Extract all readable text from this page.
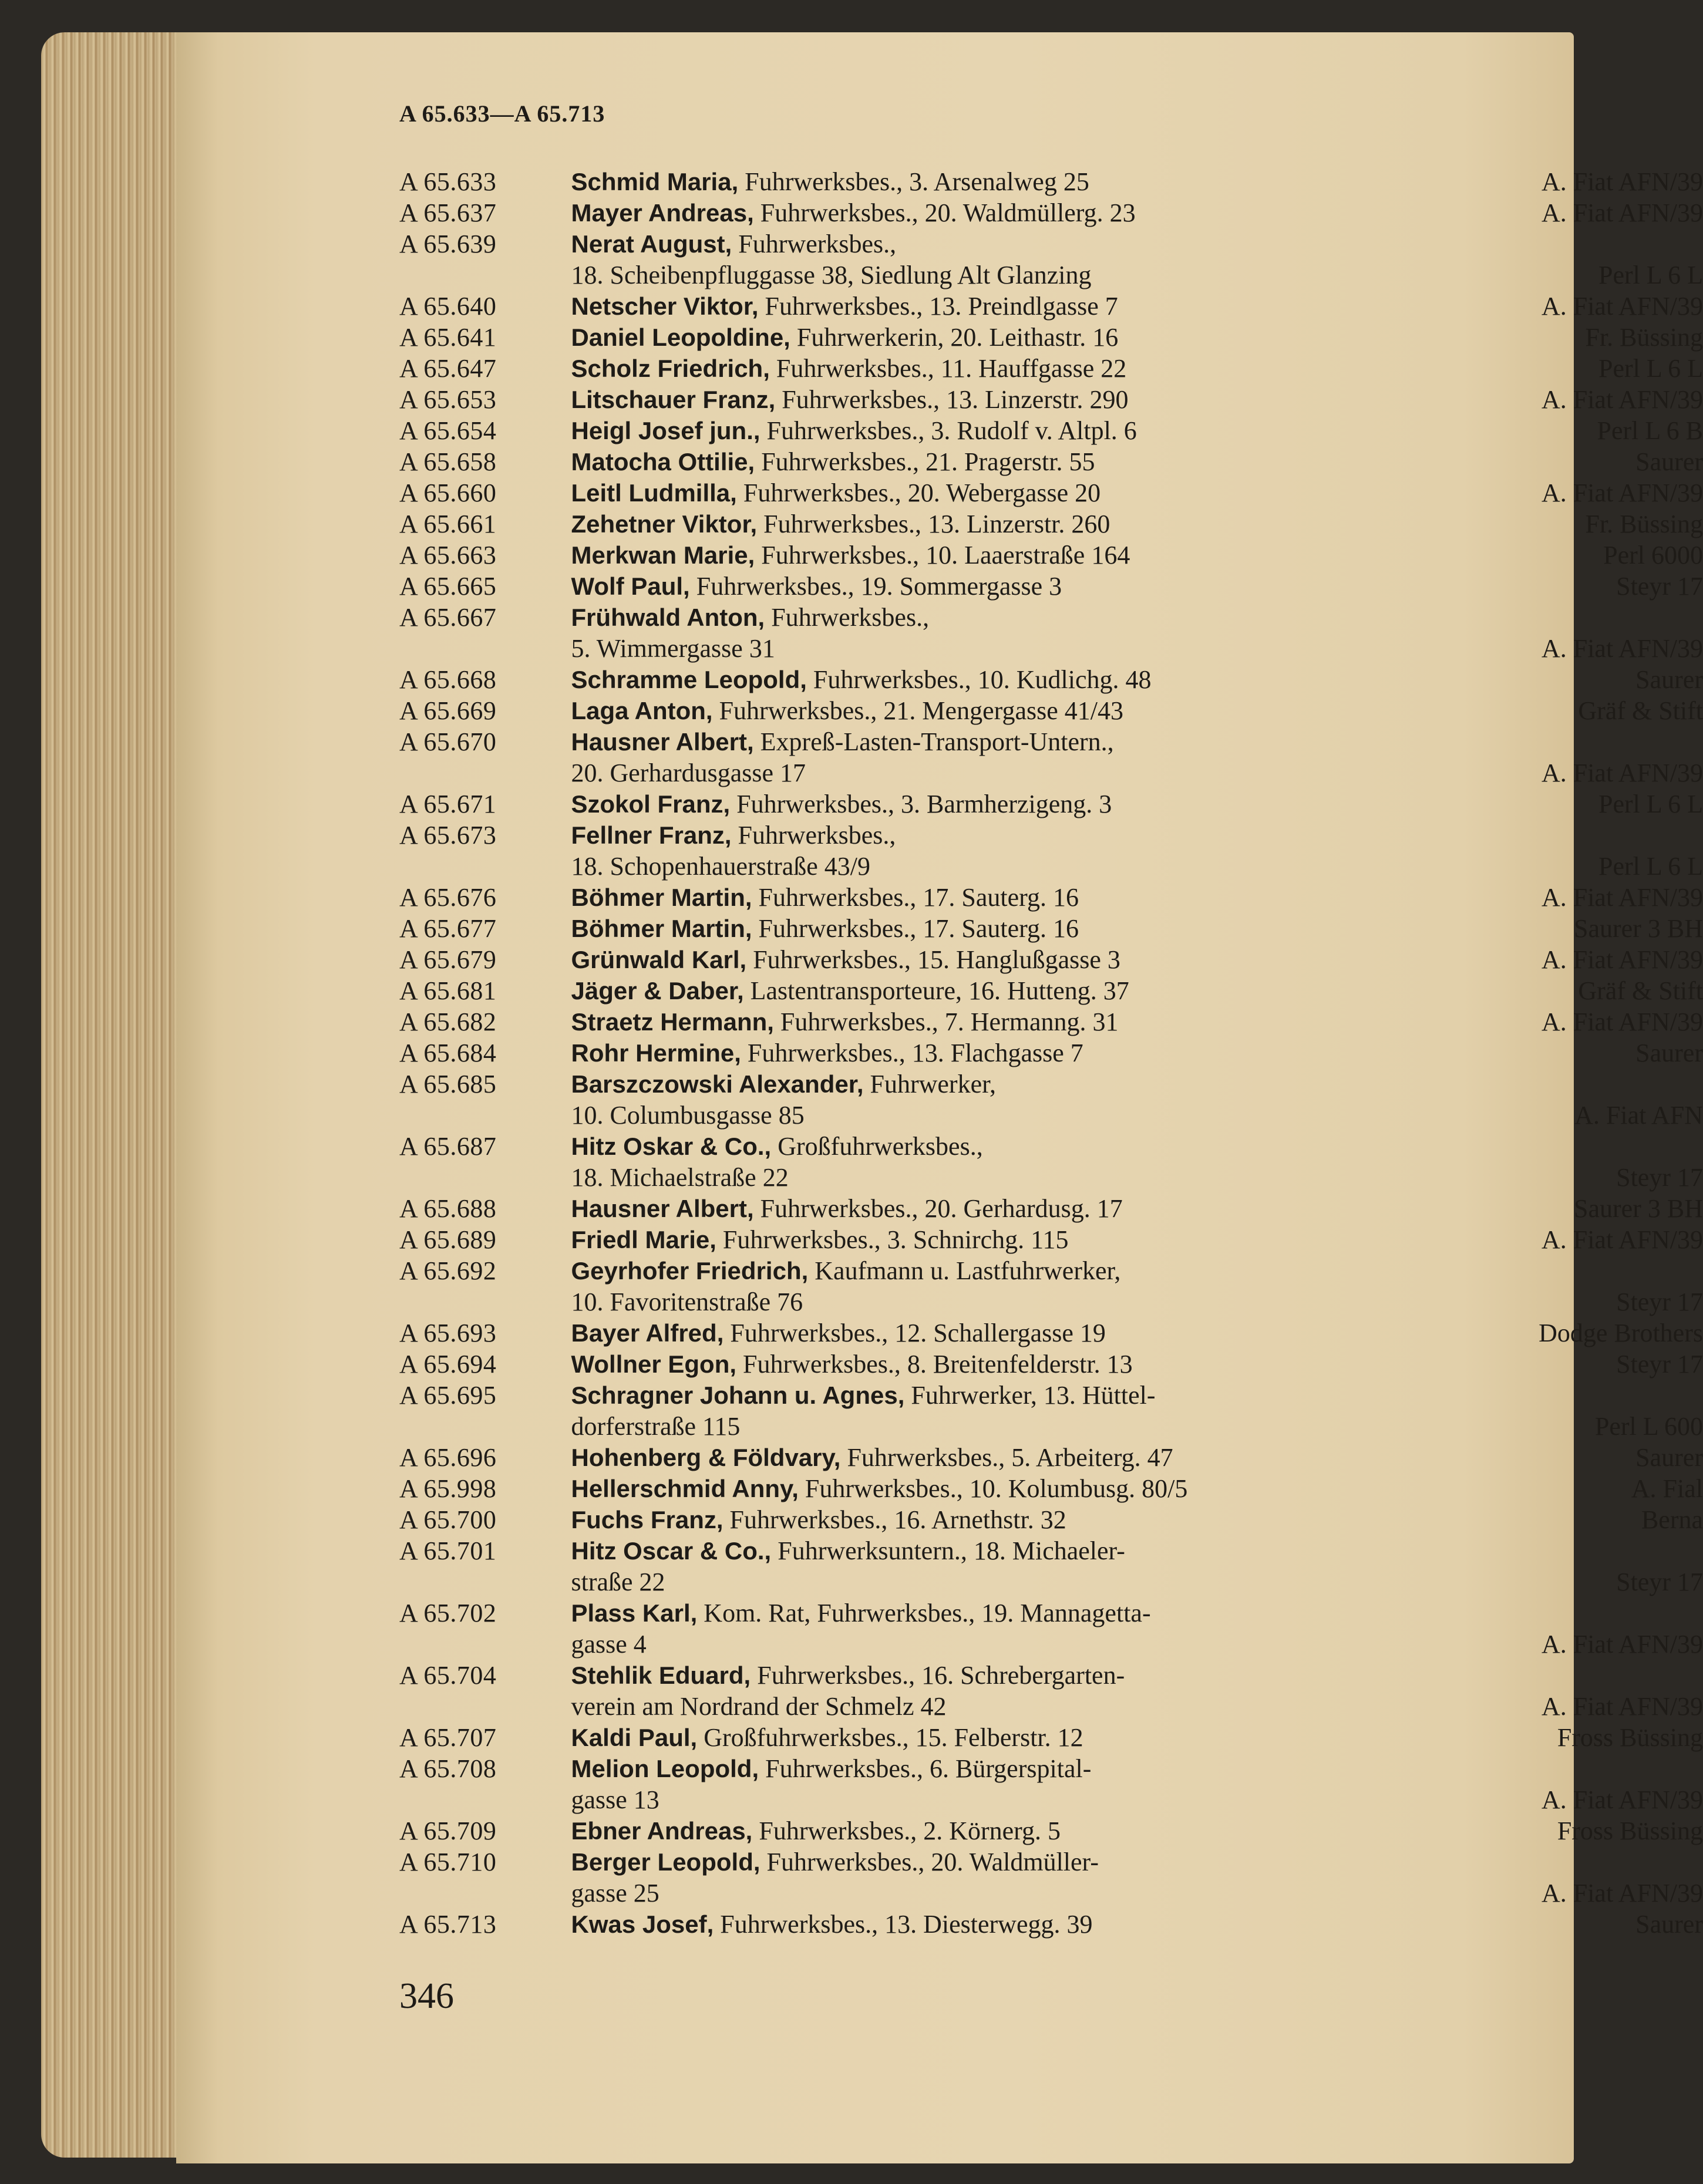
A 65.633—A 65.713

A 65.633	Schmid Maria, Fuhrwerksbes., 3. Arsenalweg 25	A. Fiat AFN/39
A 65.637	Mayer Andreas, Fuhrwerksbes., 20. Waldmüllerg. 23	A. Fiat AFN/39
A 65.639	Nerat August, Fuhrwerksbes.,	
	18. Scheibenpfluggasse 38, Siedlung Alt Glanzing	Perl L 6 L
A 65.640	Netscher Viktor, Fuhrwerksbes., 13. Preindlgasse 7	A. Fiat AFN/39
A 65.641	Daniel Leopoldine, Fuhrwerkerin, 20. Leithastr. 16	Fr. Büssing
A 65.647	Scholz Friedrich, Fuhrwerksbes., 11. Hauffgasse 22	Perl L 6 L
A 65.653	Litschauer Franz, Fuhrwerksbes., 13. Linzerstr. 290	A. Fiat AFN/39
A 65.654	Heigl Josef jun., Fuhrwerksbes., 3. Rudolf v. Altpl. 6	Perl L 6 B
A 65.658	Matocha Ottilie, Fuhrwerksbes., 21. Pragerstr. 55	Saurer
A 65.660	Leitl Ludmilla, Fuhrwerksbes., 20. Webergasse 20	A. Fiat AFN/39
A 65.661	Zehetner Viktor, Fuhrwerksbes., 13. Linzerstr. 260	Fr. Büssing
A 65.663	Merkwan Marie, Fuhrwerksbes., 10. Laaerstraße 164	Perl 6000
A 65.665	Wolf Paul, Fuhrwerksbes., 19. Sommergasse 3	Steyr 17
A 65.667	Frühwald Anton, Fuhrwerksbes.,	
	5. Wimmergasse 31	A. Fiat AFN/39
A 65.668	Schramme Leopold, Fuhrwerksbes., 10. Kudlichg. 48	Saurer
A 65.669	Laga Anton, Fuhrwerksbes., 21. Mengergasse 41/43	Gräf & Stift
A 65.670	Hausner Albert, Expreß-Lasten-Transport-Untern.,	
	20. Gerhardusgasse 17	A. Fiat AFN/39
A 65.671	Szokol Franz, Fuhrwerksbes., 3. Barmherzigeng. 3	Perl L 6 L
A 65.673	Fellner Franz, Fuhrwerksbes.,	
	18. Schopenhauerstraße 43/9	Perl L 6 L
A 65.676	Böhmer Martin, Fuhrwerksbes., 17. Sauterg. 16	A. Fiat AFN/39
A 65.677	Böhmer Martin, Fuhrwerksbes., 17. Sauterg. 16	Saurer 3 BH
A 65.679	Grünwald Karl, Fuhrwerksbes., 15. Hanglußgasse 3	A. Fiat AFN/39
A 65.681	Jäger & Daber, Lastentransporteure, 16. Hutteng. 37	Gräf & Stift
A 65.682	Straetz Hermann, Fuhrwerksbes., 7. Hermanng. 31	A. Fiat AFN/39
A 65.684	Rohr Hermine, Fuhrwerksbes., 13. Flachgasse 7	Saurer
A 65.685	Barszczowski Alexander, Fuhrwerker,	
	10. Columbusgasse 85	A. Fiat AFN
A 65.687	Hitz Oskar & Co., Großfuhrwerksbes.,	
	18. Michaelstraße 22	Steyr 17
A 65.688	Hausner Albert, Fuhrwerksbes., 20. Gerhardusg. 17	Saurer 3 BH
A 65.689	Friedl Marie, Fuhrwerksbes., 3. Schnirchg. 115	A. Fiat AFN/39
A 65.692	Geyrhofer Friedrich, Kaufmann u. Lastfuhrwerker,	
	10. Favoritenstraße 76	Steyr 17
A 65.693	Bayer Alfred, Fuhrwerksbes., 12. Schallergasse 19	Dodge Brothers
A 65.694	Wollner Egon, Fuhrwerksbes., 8. Breitenfelderstr. 13	Steyr 17
A 65.695	Schragner Johann u. Agnes, Fuhrwerker, 13. Hüttel-	
	dorferstraße 115	Perl L 600
A 65.696	Hohenberg & Földvary, Fuhrwerksbes., 5. Arbeiterg. 47	Saurer
A 65.998	Hellerschmid Anny, Fuhrwerksbes., 10. Kolumbusg. 80/5	A. Fial
A 65.700	Fuchs Franz, Fuhrwerksbes., 16. Arnethstr. 32	Berna
A 65.701	Hitz Oscar & Co., Fuhrwerksuntern., 18. Michaeler-	
	straße 22	Steyr 17
A 65.702	Plass Karl, Kom. Rat, Fuhrwerksbes., 19. Mannagetta-	
	gasse 4	A. Fiat AFN/39
A 65.704	Stehlik Eduard, Fuhrwerksbes., 16. Schrebergarten-	
	verein am Nordrand der Schmelz 42	A. Fiat AFN/39
A 65.707	Kaldi Paul, Großfuhrwerksbes., 15. Felberstr. 12	Fross Büssing
A 65.708	Melion Leopold, Fuhrwerksbes., 6. Bürgerspital-	
	gasse 13	A. Fiat AFN/39
A 65.709	Ebner Andreas, Fuhrwerksbes., 2. Körnerg. 5	Fross Büssing
A 65.710	Berger Leopold, Fuhrwerksbes., 20. Waldmüller-	
	gasse 25	A. Fiat AFN/39
A 65.713	Kwas Josef, Fuhrwerksbes., 13. Diesterwegg. 39	Saurer

346
